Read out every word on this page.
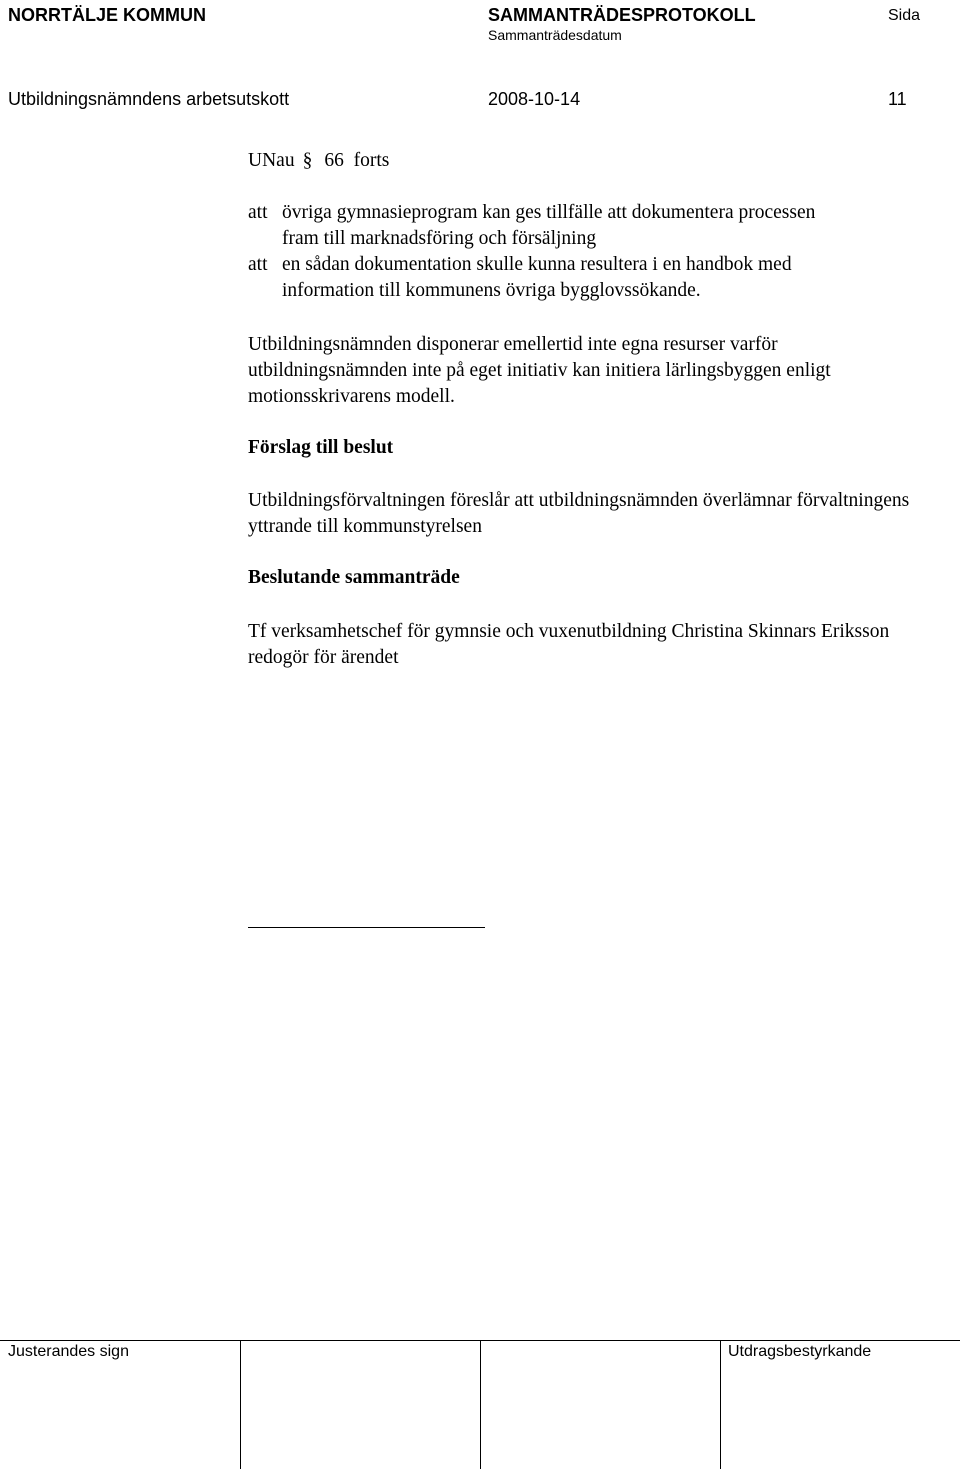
NORRTÄLJE KOMMUN	SAMMANTRÄDESPROTOKOLL
Sammanträdesdatum
Sida
Utbildningsnämndens arbetsutskott	2008-10-14	11
UNau § 66 forts
att övriga gymnasieprogram kan ges tillfälle att dokumentera processen
fram till marknadsföring och försäljning
att en sådan dokumentation skulle kunna resultera i en handbok med
information till kommunens övriga bygglovssökande.
Utbildningsnämnden disponerar emellertid inte egna resurser varför utbildningsnämnden inte på eget initiativ kan initiera lärlingsbyggen enligt motionsskrivarens modell.
Förslag till beslut
Utbildningsförvaltningen föreslår att utbildningsnämnden överlämnar förvaltningens yttrande till kommunstyrelsen
Beslutande sammanträde
Tf verksamhetschef för gymnsie och vuxenutbildning Christina Skinnars Eriksson redogör för ärendet
Justerandes sign	Utdragsbestyrkande
